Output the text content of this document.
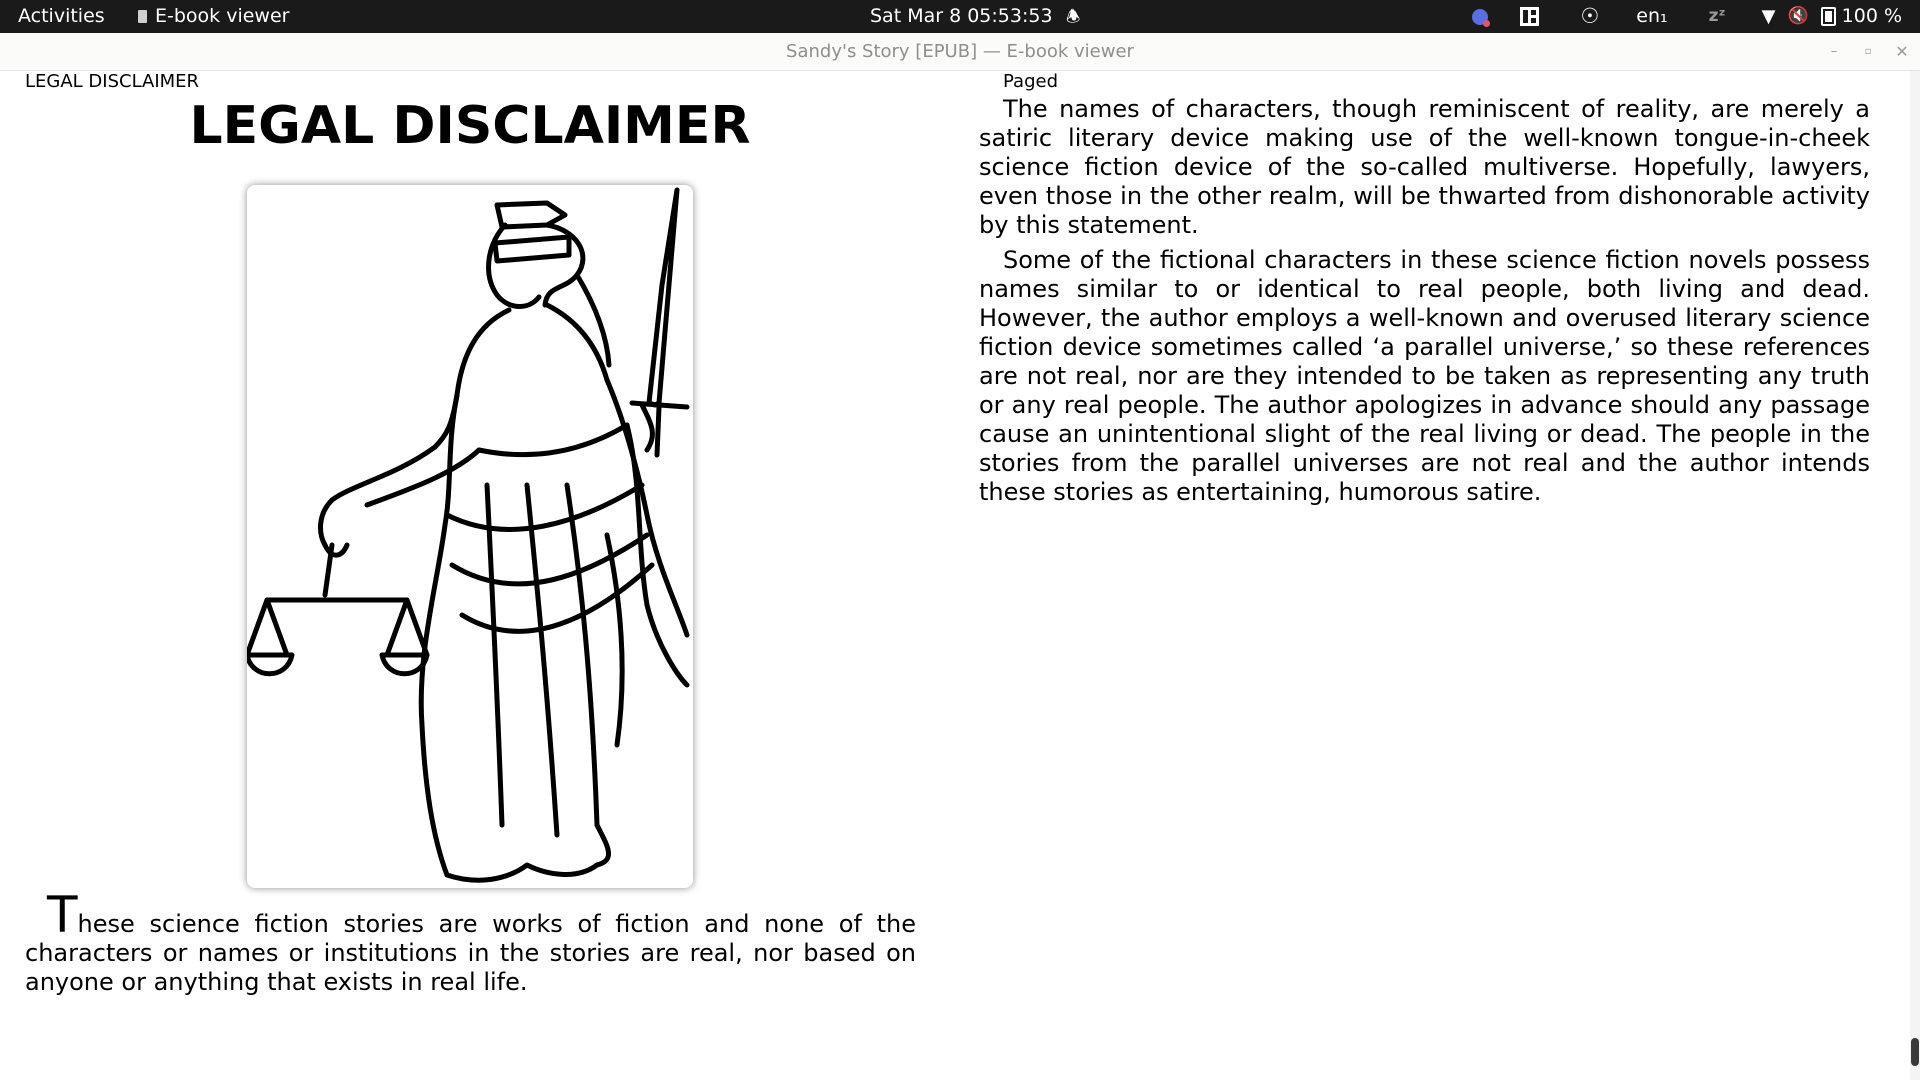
Activities	E-book viewer	Sat Mar 8 05:53:53 🕭	☉ en₁ zᶻ ▼ 🔇 100 %
Sandy's Story [EPUB] — E-book viewer	–	▫	✕
LEGAL DISCLAIMER	Paged
LEGAL DISCLAIMER

These science fiction stories are works of fiction and none of the characters or names or institutions in the stories are real, nor based on anyone or anything that exists in real life.

The names of characters, though reminiscent of reality, are merely a satiric literary device making use of the well-known tongue-in-cheek science fiction device of the so-called multiverse. Hopefully, lawyers, even those in the other realm, will be thwarted from dishonorable activity by this statement.

Some of the fictional characters in these science fiction novels possess names similar to or identical to real people, both living and dead. However, the author employs a well-known and overused literary science fiction device sometimes called ‘a parallel universe,’ so these references are not real, nor are they intended to be taken as representing any truth or any real people. The author apologizes in advance should any passage cause an unintentional slight of the real living or dead. The people in the stories from the parallel universes are not real and the author intends these stories as entertaining, humorous satire.
